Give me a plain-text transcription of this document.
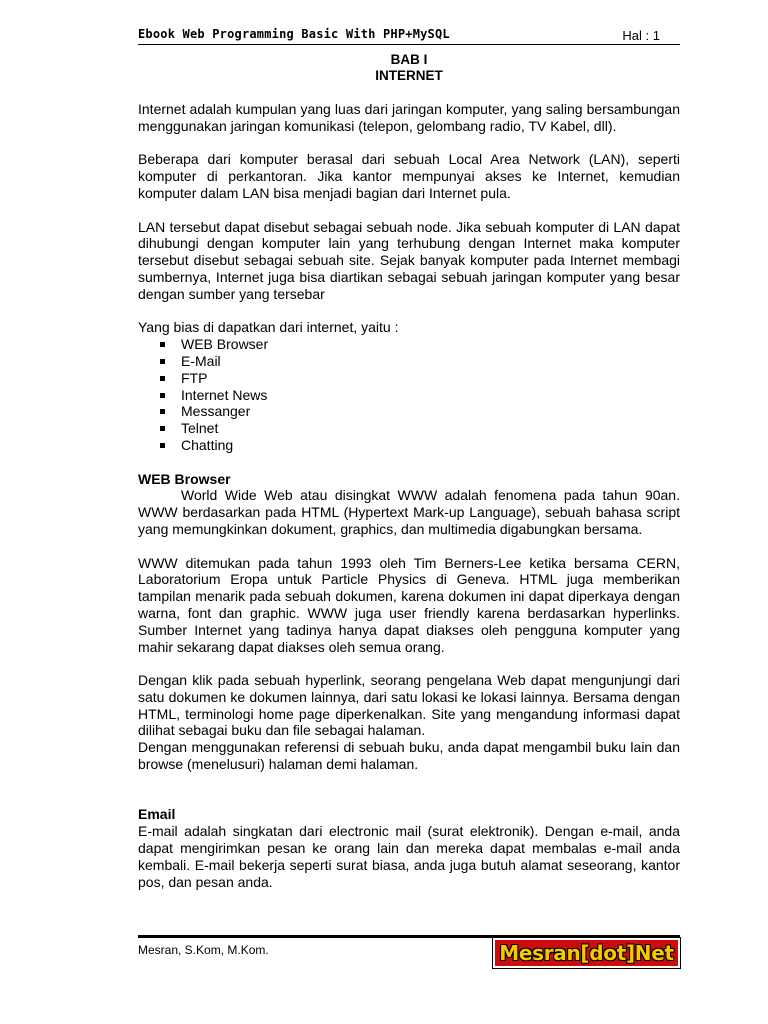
Ebook Web Programming Basic With PHP+MySQL	Hal : 1
BAB I
INTERNET

Internet adalah kumpulan yang luas dari jaringan komputer, yang saling bersambungan menggunakan jaringan komunikasi (telepon, gelombang radio, TV Kabel, dll).

Beberapa dari komputer berasal dari sebuah Local Area Network (LAN), seperti komputer di perkantoran. Jika kantor mempunyai akses ke Internet, kemudian komputer dalam LAN bisa menjadi bagian dari Internet pula.

LAN tersebut dapat disebut sebagai sebuah node. Jika sebuah komputer di LAN dapat dihubungi dengan komputer lain yang terhubung dengan Internet maka komputer tersebut disebut sebagai sebuah site. Sejak banyak komputer pada Internet membagi sumbernya, Internet juga bisa diartikan sebagai sebuah jaringan komputer yang besar dengan sumber yang tersebar

Yang bias di dapatkan dari internet, yaitu :

WEB Browser
E-Mail
FTP
Internet News
Messanger
Telnet
Chatting
WEB Browser

World Wide Web atau disingkat WWW adalah fenomena pada tahun 90an. WWW berdasarkan pada HTML (Hypertext Mark-up Language), sebuah bahasa script yang memungkinkan dokument, graphics, dan multimedia digabungkan bersama.

WWW ditemukan pada tahun 1993 oleh Tim Berners-Lee ketika bersama CERN, Laboratorium Eropa untuk Particle Physics di Geneva. HTML juga memberikan tampilan menarik pada sebuah dokumen, karena dokumen ini dapat diperkaya dengan warna, font dan graphic. WWW juga user friendly karena berdasarkan hyperlinks. Sumber Internet yang tadinya hanya dapat diakses oleh pengguna komputer yang mahir sekarang dapat diakses oleh semua orang.

Dengan klik pada sebuah hyperlink, seorang pengelana Web dapat mengunjungi dari satu dokumen ke dokumen lainnya, dari satu lokasi ke lokasi lainnya. Bersama dengan HTML, terminologi home page diperkenalkan. Site yang mengandung informasi dapat dilihat sebagai buku dan file sebagai halaman.

Dengan menggunakan referensi di sebuah buku, anda dapat mengambil buku lain dan browse (menelusuri) halaman demi halaman.

Email

E-mail adalah singkatan dari electronic mail (surat elektronik). Dengan e-mail, anda dapat mengirimkan pesan ke orang lain dan mereka dapat membalas e-mail anda kembali. E-mail bekerja seperti surat biasa, anda juga butuh alamat seseorang, kantor pos, dan pesan anda.

Mesran, S.Kom, M.Kom.	Mesran[dot]Net
